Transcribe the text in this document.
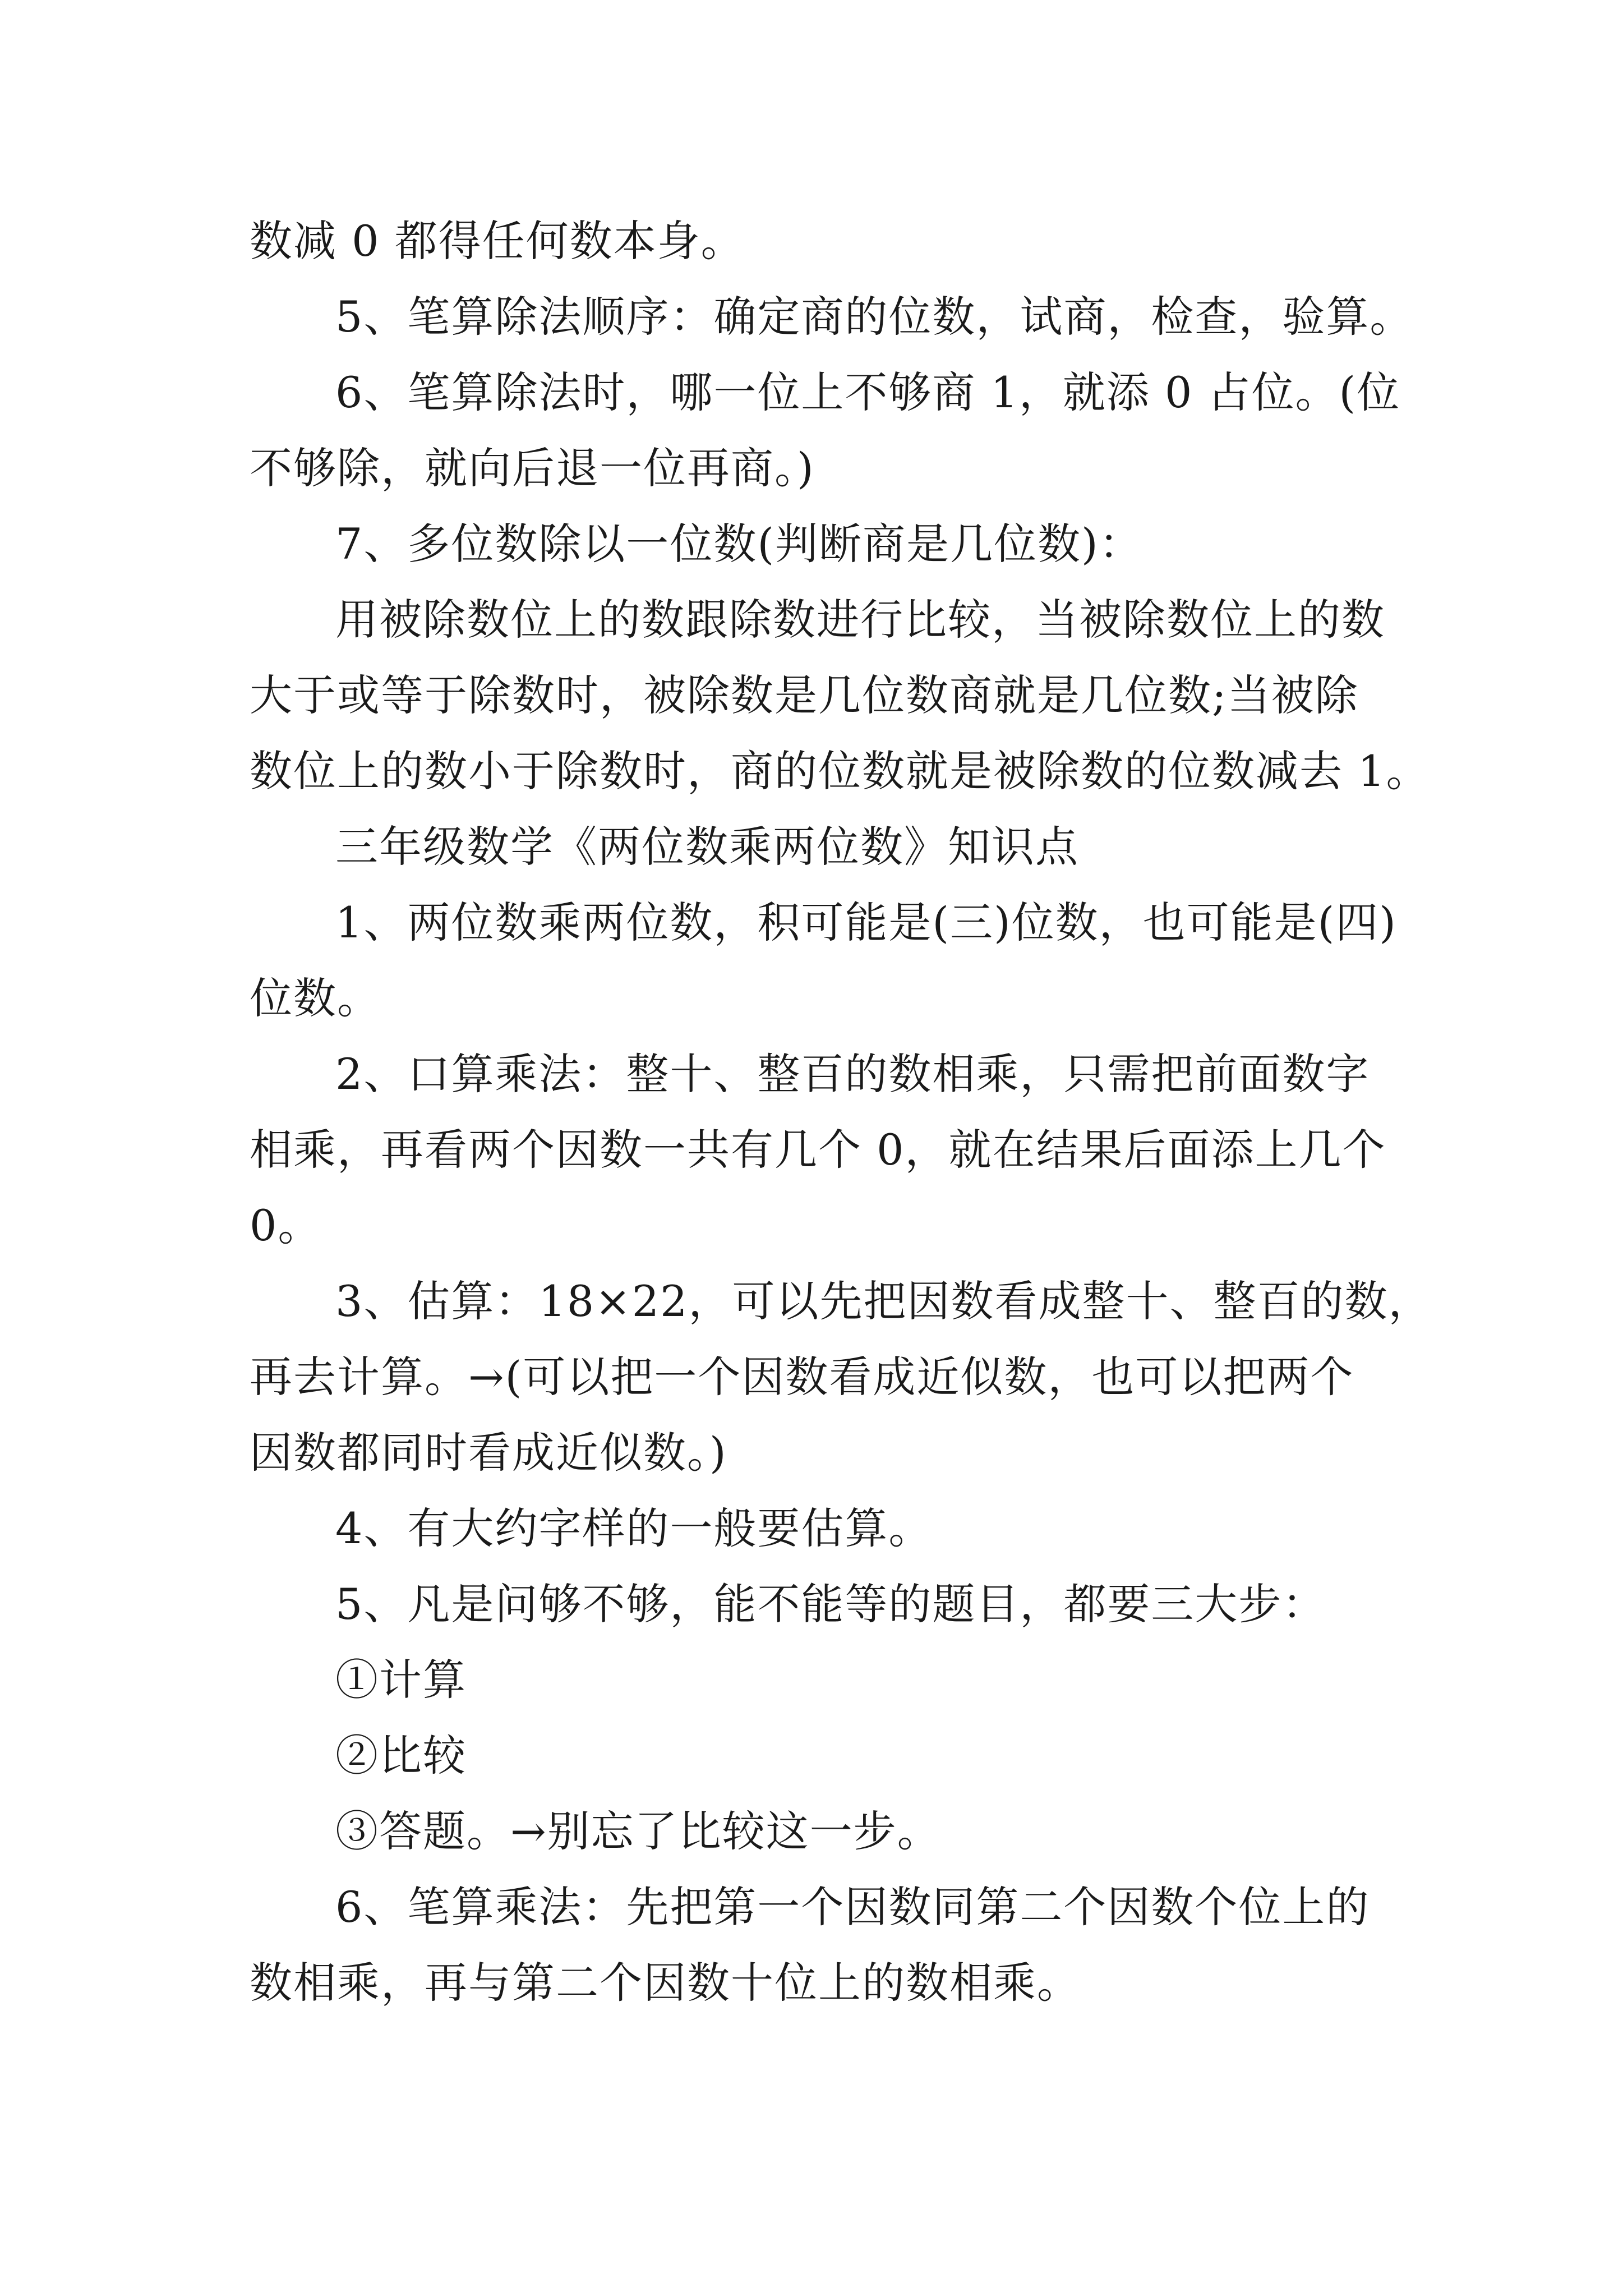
数减 0 都得任何数本身。
5、笔算除法顺序：确定商的位数，试商，检查，验算。
6、笔算除法时，哪一位上不够商 1，就添 0 占位。(位
不够除，就向后退一位再商。)
7、多位数除以一位数(判断商是几位数)：
用被除数位上的数跟除数进行比较，当被除数位上的数
大于或等于除数时，被除数是几位数商就是几位数;当被除
数位上的数小于除数时，商的位数就是被除数的位数减去 1。
三年级数学《两位数乘两位数》知识点
1、两位数乘两位数，积可能是(三)位数，也可能是(四)
位数。
2、口算乘法：整十、整百的数相乘，只需把前面数字
相乘，再看两个因数一共有几个 0，就在结果后面添上几个
0。
3、估算：18×22，可以先把因数看成整十、整百的数，
再去计算。→(可以把一个因数看成近似数，也可以把两个
因数都同时看成近似数。)
4、有大约字样的一般要估算。
5、凡是问够不够，能不能等的题目，都要三大步：
①计算
②比较
③答题。→别忘了比较这一步。
6、笔算乘法：先把第一个因数同第二个因数个位上的
数相乘，再与第二个因数十位上的数相乘。
